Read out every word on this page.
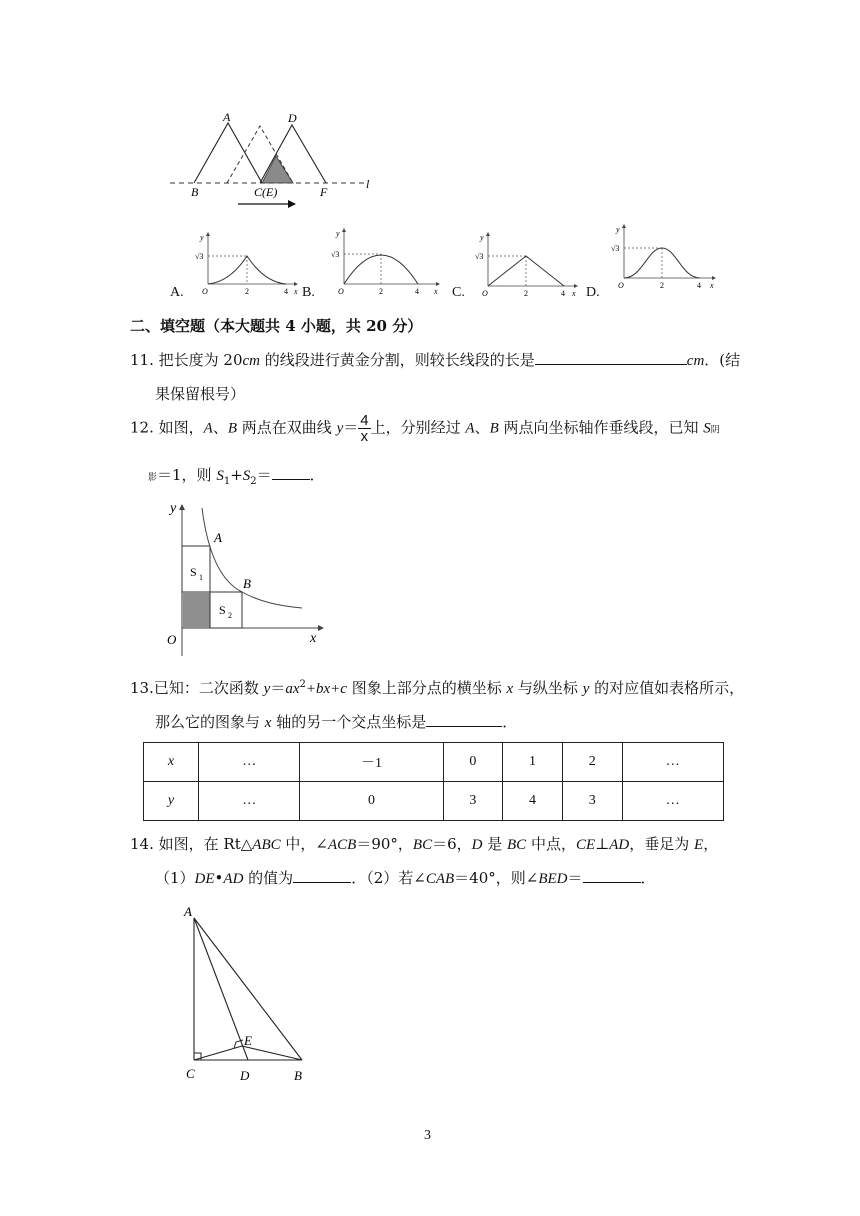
A	D
B	C(E)	F
l
y
x
O
√3
2	4
A.
y
x
O
√3
2	4
B.
y
x
O
√3
2	4
C.
y
x
O
√3
2	4
D.
二、填空题（本大题共 4 小题，共 20 分）
11. 把长度为 20cm 的线段进行黄金分割，则较长线段的长是	cm．(结
果保留根号）
12. 如图，A、B 两点在双曲线 $y= \frac{4}{x}$ 上，分别经过 A、B 两点向坐标轴作垂线段，已知 S阴
影＝1，则 $S_1+S_2=$	．
y
x
O
A
B
S 1
S 2
13.已知：二次函数 $y=ax^2+bx+c$ 图象上部分点的横坐标 x 与纵坐标 y 的对应值如表格所示，
那么它的图象与 x 轴的另一个交点坐标是	．
x	…	－1	0	1	2	…
y	…	0	3	4	3	…
14. 如图，在 Rt△ABC 中，∠ACB＝90°，BC＝6，D 是 BC 中点，CE⊥AD，垂足为 E，
（1）DE•AD 的值为	．（2）若∠CAB＝40°，则∠BED＝	．
A
C	D	B
E
3
